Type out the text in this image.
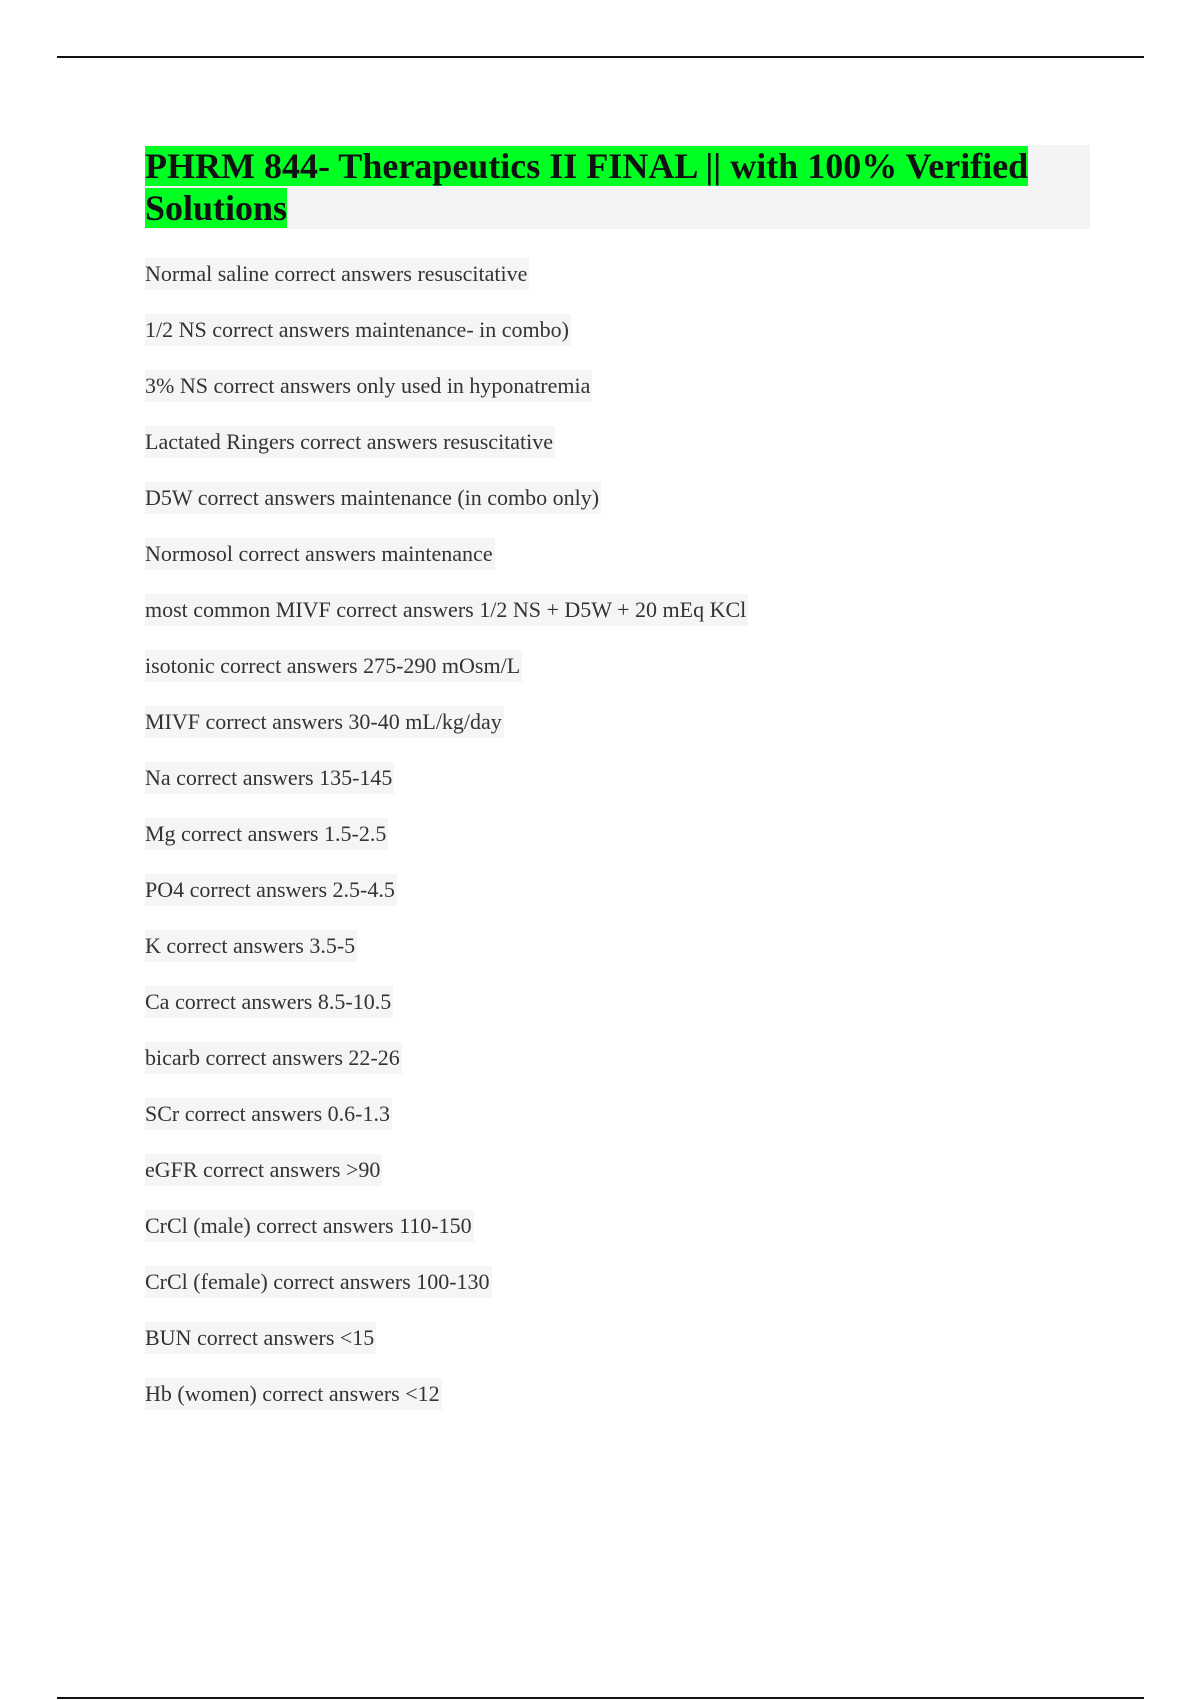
PHRM 844- Therapeutics II FINAL || with 100% Verified Solutions
Normal saline correct answers resuscitative
1/2 NS correct answers maintenance- in combo)
3% NS correct answers only used in hyponatremia
Lactated Ringers correct answers resuscitative
D5W correct answers maintenance (in combo only)
Normosol correct answers maintenance
most common MIVF correct answers 1/2 NS + D5W + 20 mEq KCl
isotonic correct answers 275-290 mOsm/L
MIVF correct answers 30-40 mL/kg/day
Na correct answers 135-145
Mg correct answers 1.5-2.5
PO4 correct answers 2.5-4.5
K correct answers 3.5-5
Ca correct answers 8.5-10.5
bicarb correct answers 22-26
SCr correct answers 0.6-1.3
eGFR correct answers >90
CrCl (male) correct answers 110-150
CrCl (female) correct answers 100-130
BUN correct answers <15
Hb (women) correct answers <12
